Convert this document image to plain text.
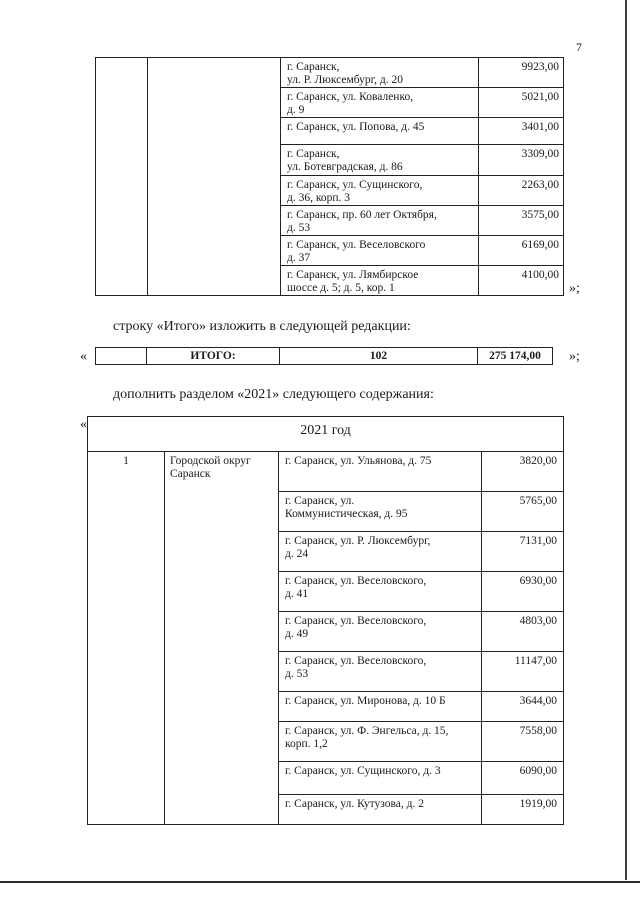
7
		г. Саранск,
ул. Р. Люксембург, д. 20	9923,00
		г. Саранск, ул. Коваленко,
д. 9	5021,00
		г. Саранск, ул. Попова, д. 45	3401,00
		г. Саранск,
ул. Ботевградская, д. 86	3309,00
		г. Саранск, ул. Сущинского,
д. 36, корп. 3	2263,00
		г. Саранск, пр. 60 лет Октября,
д. 53	3575,00
		г. Саранск, ул. Веселовского
д. 37	6169,00
		г. Саранск, ул. Лямбирское
шоссе д. 5; д. 5, кор. 1	4100,00
»;
строку «Итого» изложить в следующей редакции:
«	ИТОГО:	102	275 174,00	»;
дополнить разделом «2021» следующего содержания:
«	2021 год			
1	Городской округ
Саранск	г. Саранск, ул. Ульянова, д. 75	3820,00
		г. Саранск, ул.
Коммунистическая, д. 95	5765,00
		г. Саранск, ул. Р. Люксембург,
д. 24	7131,00
		г. Саранск, ул. Веселовского,
д. 41	6930,00
		г. Саранск, ул. Веселовского,
д. 49	4803,00
		г. Саранск, ул. Веселовского,
д. 53	11147,00
		г. Саранск, ул. Миронова, д. 10 Б	3644,00
		г. Саранск, ул. Ф. Энгельса, д. 15,
корп. 1,2	7558,00
		г. Саранск, ул. Сущинского, д. 3	6090,00
		г. Саранск, ул. Кутузова, д. 2	1919,00
